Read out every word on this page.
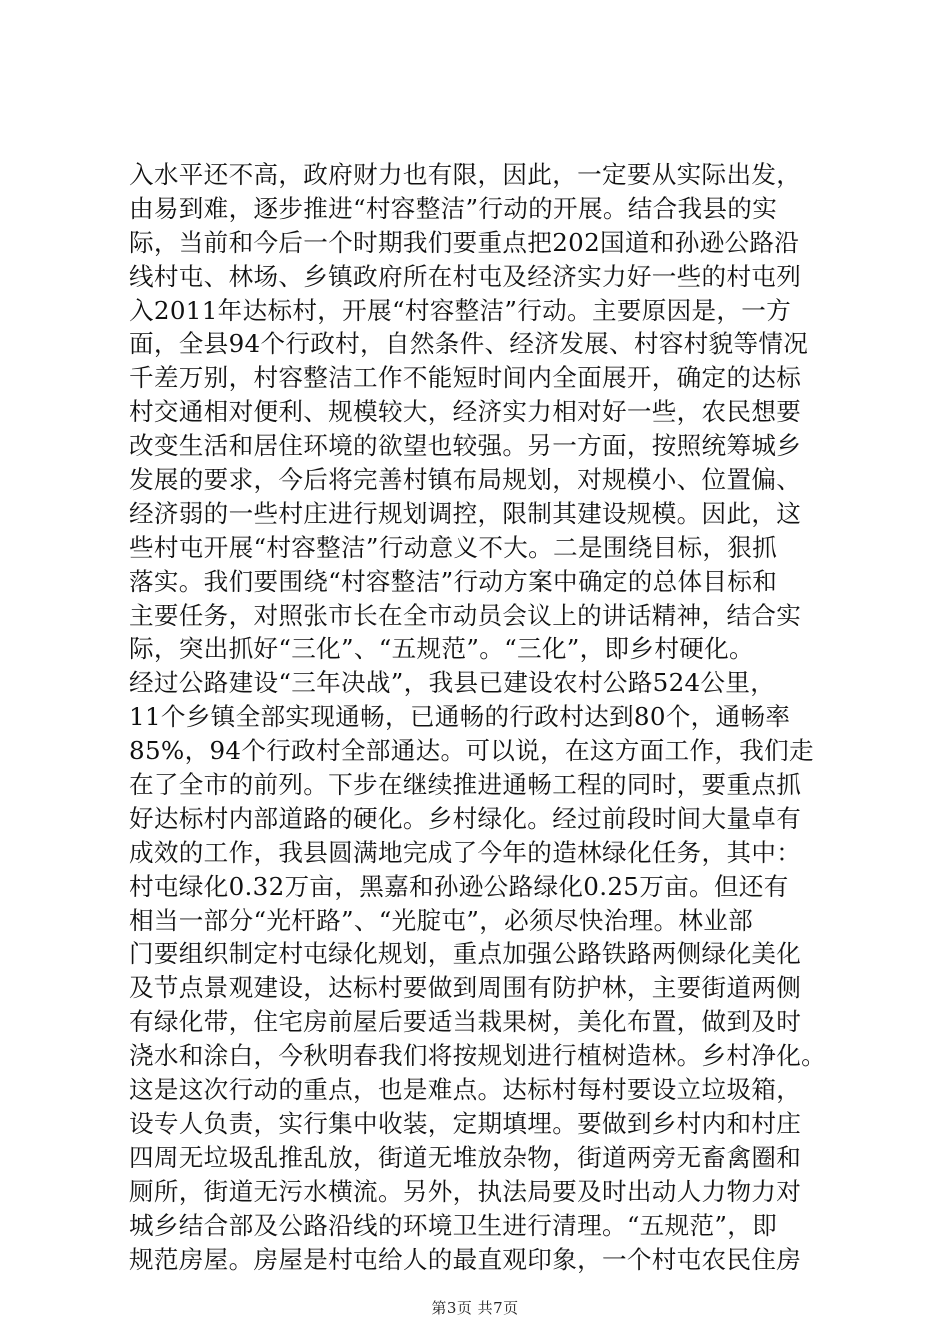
入水平还不高，政府财力也有限，因此，一定要从实际出发，
由易到难，逐步推进“村容整洁”行动的开展。结合我县的实
际，当前和今后一个时期我们要重点把202国道和孙逊公路沿
线村屯、林场、乡镇政府所在村屯及经济实力好一些的村屯列
入2011年达标村，开展“村容整洁”行动。主要原因是，一方
面，全县94个行政村，自然条件、经济发展、村容村貌等情况
千差万别，村容整洁工作不能短时间内全面展开，确定的达标
村交通相对便利、规模较大，经济实力相对好一些，农民想要
改变生活和居住环境的欲望也较强。另一方面，按照统筹城乡
发展的要求，今后将完善村镇布局规划，对规模小、位置偏、
经济弱的一些村庄进行规划调控，限制其建设规模。因此，这
些村屯开展“村容整洁”行动意义不大。二是围绕目标，狠抓
落实。我们要围绕“村容整洁”行动方案中确定的总体目标和
主要任务，对照张市长在全市动员会议上的讲话精神，结合实
际，突出抓好“三化”、“五规范”。“三化”，即乡村硬化。
经过公路建设“三年决战”，我县已建设农村公路524公里，
11个乡镇全部实现通畅，已通畅的行政村达到80个，通畅率
85%，94个行政村全部通达。可以说，在这方面工作，我们走
在了全市的前列。下步在继续推进通畅工程的同时，要重点抓
好达标村内部道路的硬化。乡村绿化。经过前段时间大量卓有
成效的工作，我县圆满地完成了今年的造林绿化任务，其中：
村屯绿化0.32万亩，黑嘉和孙逊公路绿化0.25万亩。但还有
相当一部分“光杆路”、“光腚屯”，必须尽快治理。林业部
门要组织制定村屯绿化规划，重点加强公路铁路两侧绿化美化
及节点景观建设，达标村要做到周围有防护林，主要街道两侧
有绿化带，住宅房前屋后要适当栽果树，美化布置，做到及时
浇水和涂白，今秋明春我们将按规划进行植树造林。乡村净化。
这是这次行动的重点，也是难点。达标村每村要设立垃圾箱，
设专人负责，实行集中收装，定期填埋。要做到乡村内和村庄
四周无垃圾乱推乱放，街道无堆放杂物，街道两旁无畜禽圈和
厕所，街道无污水横流。另外，执法局要及时出动人力物力对
城乡结合部及公路沿线的环境卫生进行清理。“五规范”，即
规范房屋。房屋是村屯给人的最直观印象，一个村屯农民住房
第3页 共7页
